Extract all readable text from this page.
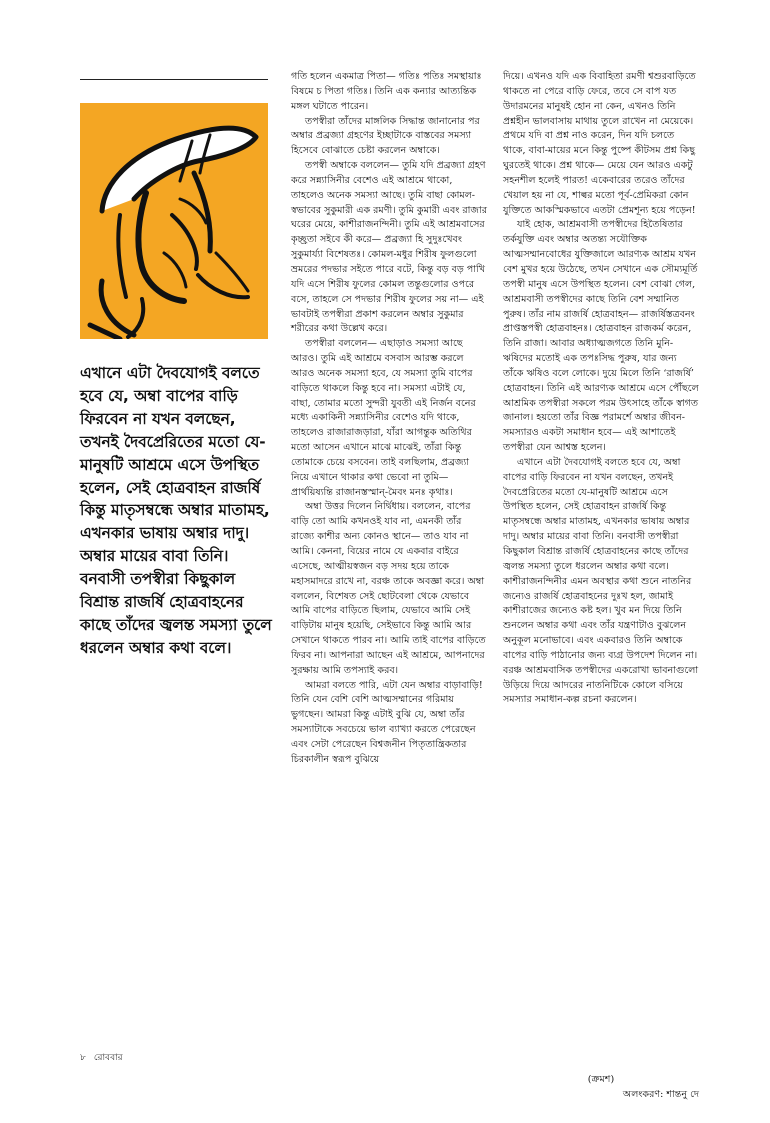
এখানে এটা দৈবযোগই বলতে হবে যে, অম্বা বাপের বাড়ি ফিরবেন না যখন বলছেন, তখনই দৈবপ্রেরিতের মতো যে-মানুষটি আশ্রমে এসে উপস্থিত হলেন, সেই হোত্রবাহন রাজর্ষি কিন্তু মাতৃসম্বন্ধে অম্বার মাতামহ, এখনকার ভাষায় অম্বার দাদু। অম্বার মায়ের বাবা তিনি। বনবাসী তপস্বীরা কিছুকাল বিশ্রান্ত রাজর্ষি হোত্রবাহনের কাছে তাঁদের জ্বলন্ত সমস্যা তুলে ধরলেন অম্বার কথা বলে।

গতি হলেন একমাত্র পিতা— গতিঃ পতিঃ সমস্থায়াঃ বিষমে চ পিতা গতিঃ। তিনি এক কন্যার আত্যন্তিক মঙ্গল ঘটাতে পারেন।

তপস্বীরা তাঁদের মাঙ্গলিক সিদ্ধান্ত জানানোর পর অম্বার প্রব্রজ্যা গ্রহণের ইচ্ছাটাকে বাস্তবের সমস্যা হিসেবে বোঝাতে চেষ্টা করলেন অম্বাকে।

তপস্বী অম্বাকে বললেন— তুমি যদি প্রব্রজ্যা গ্রহণ করে সন্ন্যাসিনীর বেশেও এই আশ্রমে থাকো, তাহলেও অনেক সমস্যা আছে। তুমি বাছা কোমল-স্বভাবের সুকুমারী এক রমণী। তুমি কুমারী এবং রাজার ঘরের মেয়ে, কাশীরাজনন্দিনী। তুমি এই আশ্রমবাসের কৃচ্ছ্রতা সইবে কী করে— প্রব্রজ্যা হি সুদুঃখেবং সুকুমার্য্যা বিশেষতঃ। কোমল-মধুর শিরীষ ফুলগুলো ভ্রমরের পদভার সইতে পারে বটে, কিন্তু বড় বড় পাখি যদি এসে শিরীষ ফুলের কোমল তন্তুগুলোর ওপরে বসে, তাহলে সে পদভার শিরীষ ফুলের সয় না— এই ভাবটাই তপস্বীরা প্রকাশ করলেন অম্বার সুকুমার শরীরের কথা উল্লেখ করে।

তপস্বীরা বললেন— এছাড়াও সমস্যা আছে আরও। তুমি এই আশ্রমে বসবাস আরম্ভ করলে আরও অনেক সমস্যা হবে, যে সমস্যা তুমি বাপের বাড়িতে থাকলে কিন্তু হবে না। সমস্যা এটাই যে, বাছা, তোমার মতো সুন্দরী যুবতী এই নির্জন বনের মধ্যে একাকিনী সন্ন্যাসিনীর বেশেও যদি থাকে, তাহলেও রাজারাজড়ারা, যাঁরা আগন্তুক অতিথির মতো আসেন এখানে মাঝে মাঝেই, তাঁরা কিন্তু তোমাকে চেয়ে বসবেন। তাই বলছিলাম, প্রব্রজ্যা নিয়ে এখানে থাকার কথা ভেবো না তুমি— প্রার্থয়িষ্যন্তি রাজানস্তস্মান্‌-মৈবং মনঃ কৃথাঃ।

অম্বা উত্তর দিলেন নির্দ্বিধায়। বললেন, বাপের বাড়ি তো আমি কখনওই যাব না, এমনকী তাঁর রাজ্যে কাশীর অন্য কোনও স্থানে— তাও যাব না আমি। কেননা, বিয়ের নামে যে একবার বাইরে এসেছে, আত্মীয়স্বজন বড় সদয় হয়ে তাকে মহাসমাদরে রাখে না, বরঞ্চ তাকে অবজ্ঞা করে। অম্বা বললেন, বিশেষত সেই ছোটবেলা থেকে যেভাবে আমি বাপের বাড়িতে ছিলাম, যেভাবে আমি সেই বাড়িটায় মানুষ হয়েছি, সেইভাবে কিন্তু আমি আর সেখানে থাকতে পারব না। আমি তাই বাপের বাড়িতে ফিরব না। আপনারা আছেন এই আশ্রমে, আপনাদের সুরক্ষায় আমি তপস্যাই করব।

আমরা বলতে পারি, এটা যেন অম্বার বাড়াবাড়ি! তিনি যেন বেশি বেশি আত্মসম্মানের গরিমায় ভুগছেন। আমরা কিন্তু এটাই বুঝি যে, অম্বা তাঁর সমস্যাটাকে সবচেয়ে ভাল ব্যাখ্যা করতে পেরেছেন এবং সেটা পেরেছেন বিশ্বজনীন পিতৃতান্ত্রিকতার চিরকালীন স্বরূপ বুঝিয়ে

দিয়ে। এখনও যদি এক বিবাহিতা রমণী শ্বশুরবাড়িতে থাকতে না পেরে বাড়ি ফেরে, তবে সে বাপ যত উদারমনের মানুষই হোন না কেন, এখনও তিনি প্রশ্নহীন ভালবাসায় মাথায় তুলে রাখেন না মেয়েকে। প্রথমে যদি বা প্রশ্ন নাও করেন, দিন যদি চলতে থাকে, বাবা-মায়ের মনে কিন্তু পুষ্পে কীটসম প্রশ্ন কিছু ঘুরতেই থাকে। প্রশ্ন থাকে— মেয়ে যেন আরও একটু সহনশীল হলেই পারত! একেবারের তরেও তাঁদের খেয়াল হয় না যে, শাল্বর মতো পূর্ব-প্রেমিকরা কোন যুক্তিতে আকস্মিকভাবে এতটা প্রেমশূন্য হয়ে পড়েন!

যাই হোক, আশ্রমবাসী তপস্বীদের হিতৈষিতার তর্কযুক্তি এবং অম্বার অতন্ত্য সযৌক্তিক আত্মসম্মানবোধের যুক্তিজালে আরণ্যক আশ্রম যখন বেশ মুখর হয়ে উঠেছে, তখন সেখানে এক সৌম্যমূর্তি তপস্বী মানুষ এসে উপস্থিত হলেন। বেশ বোঝা গেল, আশ্রমবাসী তপস্বীদের কাছে তিনি বেশ সম্মানিত পুরুষ। তাঁর নাম রাজর্ষি হোত্রবাহন— রাজর্ষিস্তত্ৰবনং প্রাপ্তস্তপস্বী হোত্রবাহনঃ। হোত্রবাহন রাজকর্ম করেন, তিনি রাজা। আবার অধ্যাত্মজগতে তিনি মুনি-ঋষিদের মতোই এক তপঃসিদ্ধ পুরুষ, যার জন্য তাঁকে ঋষিও বলে লোকে। দুয়ে মিলে তিনি ‘রাজর্ষি’ হোত্রবাহন। তিনি এই আরণ্যক আশ্রমে এসে পৌঁছলে আশ্রমিক তপস্বীরা সকলে পরম উৎসাহে তাঁকে স্বাগত জানাল। হয়তো তাঁর বিজ্ঞ পরামর্শে অম্বার জীবন-সমস্যারও একটা সমাধান হবে— এই আশাতেই তপস্বীরা যেন আশ্বস্ত হলেন।

এখানে এটা দৈবযোগই বলতে হবে যে, অম্বা বাপের বাড়ি ফিরবেন না যখন বলছেন, তখনই দৈবপ্রেরিতের মতো যে-মানুষটি আশ্রমে এসে উপস্থিত হলেন, সেই হোত্রবাহন রাজর্ষি কিন্তু মাতৃসম্বন্ধে অম্বার মাতামহ, এখনকার ভাষায় অম্বার দাদু। অম্বার মায়ের বাবা তিনি। বনবাসী তপস্বীরা কিছুকাল বিশ্রান্ত রাজর্ষি হোত্রবাহনের কাছে তাঁদের জ্বলন্ত সমস্যা তুলে ধরলেন অম্বার কথা বলে। কাশীরাজনন্দিনীর এমন অবস্থার কথা শুনে নাতনির জন্যেও রাজর্ষি হোত্রবাহনের দুঃখ হল, জামাই কাশীরাজের জন্যেও কষ্ট হল। খুব মন দিয়ে তিনি শুনলেন অম্বার কথা এবং তাঁর যন্ত্রণাটাও বুঝলেন অনুকূল মনোভাবে। এবং একবারও তিনি অম্বাকে বাপের বাড়ি পাঠানোর জন্য ব্যগ্র উপদেশ দিলেন না। বরঞ্চ আশ্রমবাসিক তপস্বীদের একরোখা ভাবনাগুলো উড়িয়ে দিয়ে আদরের নাতনিটিকে কোলে বসিয়ে সমস্যার সমাধান-কল্প রচনা করলেন।

(ক্রমশ)
অলংকরণ: শান্তনু দে
৮ রোববার
